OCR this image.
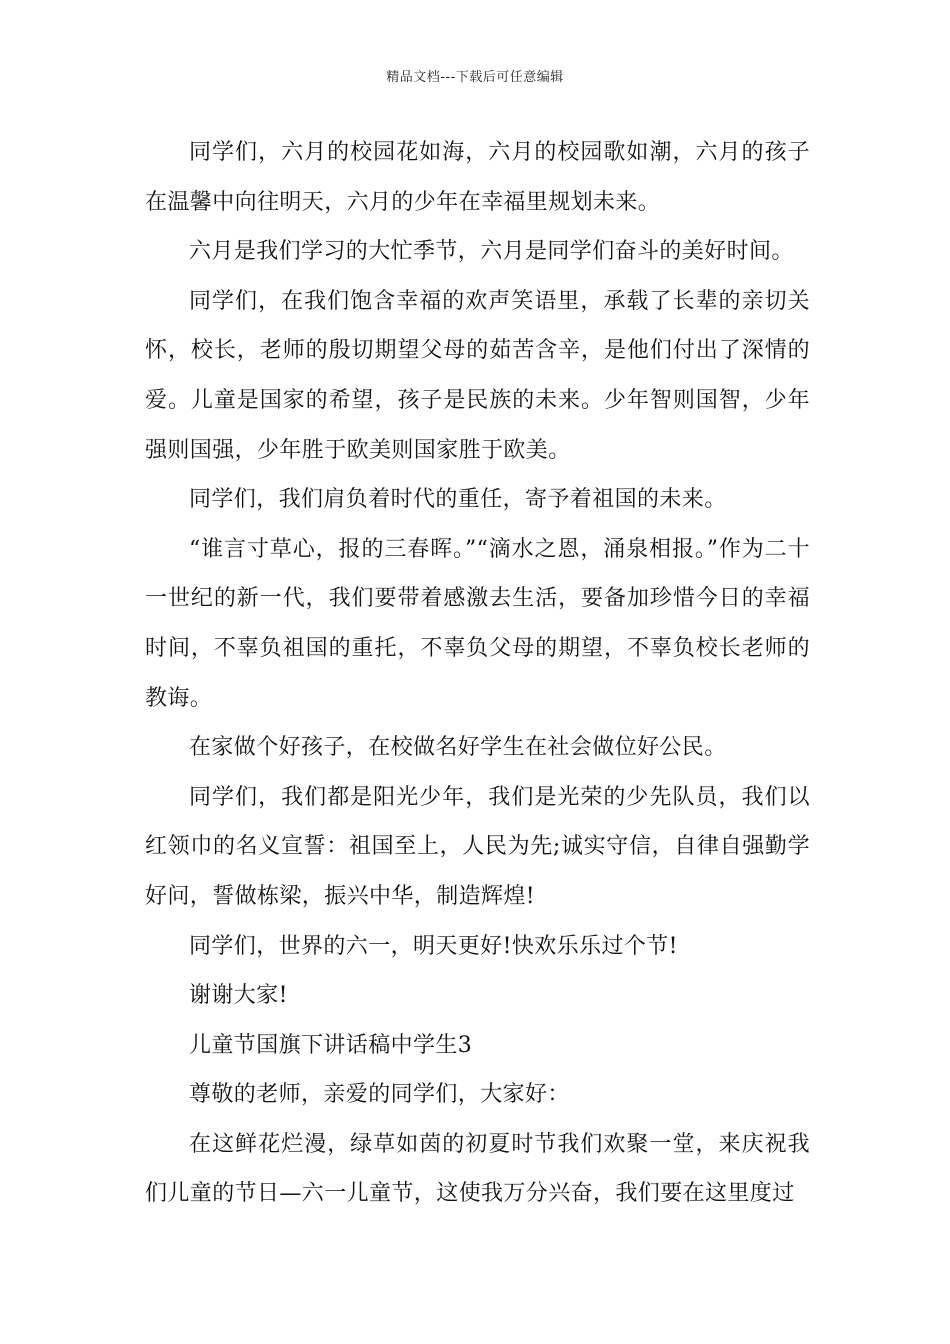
精品文档---下载后可任意编辑

同学们，六月的校园花如海，六月的校园歌如潮，六月的孩子在温馨中向往明天，六月的少年在幸福里规划未来。

六月是我们学习的大忙季节，六月是同学们奋斗的美好时间。

同学们，在我们饱含幸福的欢声笑语里，承载了长辈的亲切关怀，校长，老师的殷切期望父母的茹苦含辛，是他们付出了深情的爱。儿童是国家的希望，孩子是民族的未来。少年智则国智，少年强则国强，少年胜于欧美则国家胜于欧美。

同学们，我们肩负着时代的重任，寄予着祖国的未来。

“谁言寸草心，报的三春晖。”“滴水之恩，涌泉相报。”作为二十一世纪的新一代，我们要带着感激去生活，要备加珍惜今日的幸福时间，不辜负祖国的重托，不辜负父母的期望，不辜负校长老师的教诲。

在家做个好孩子，在校做名好学生在社会做位好公民。

同学们，我们都是阳光少年，我们是光荣的少先队员，我们以红领巾的名义宣誓：祖国至上，人民为先;诚实守信，自律自强勤学好问，誓做栋梁，振兴中华，制造辉煌!

同学们，世界的六一，明天更好!快欢乐乐过个节!

谢谢大家!

儿童节国旗下讲话稿中学生3

尊敬的老师，亲爱的同学们，大家好：

在这鲜花烂漫，绿草如茵的初夏时节我们欢聚一堂，来庆祝我们儿童的节日—六一儿童节，这使我万分兴奋，我们要在这里度过
